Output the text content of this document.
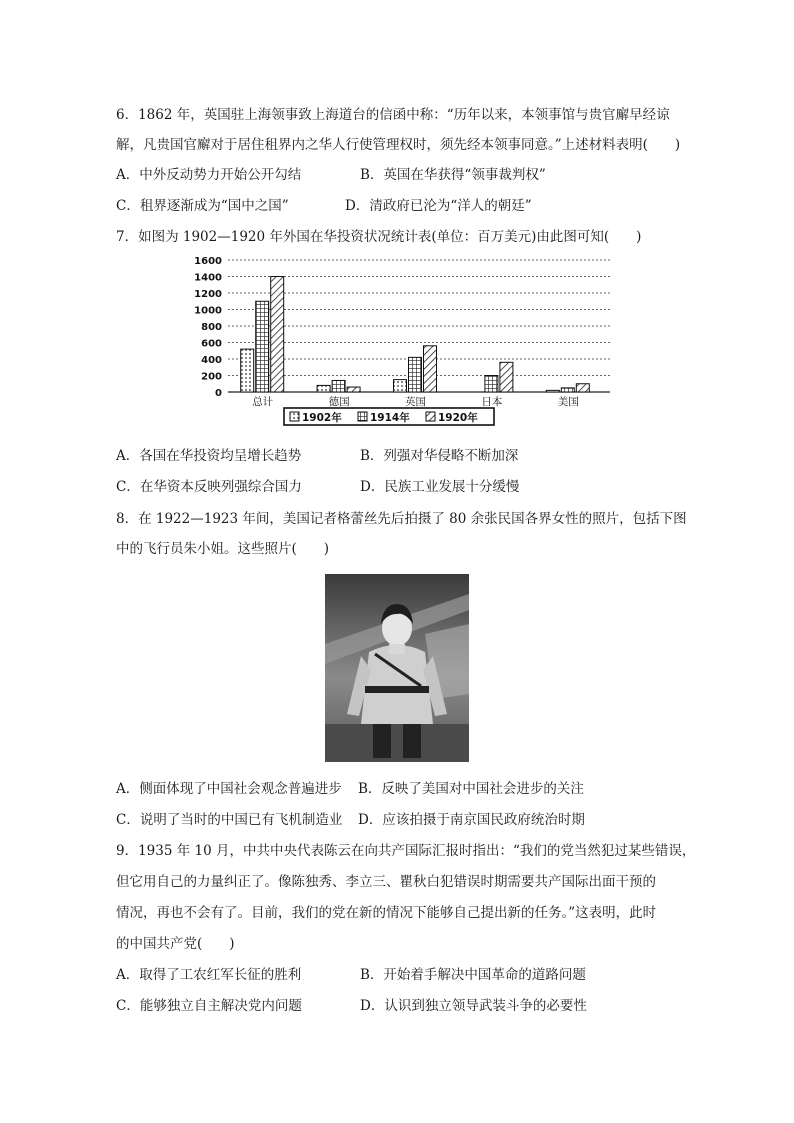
6．1862 年，英国驻上海领事致上海道台的信函中称：“历年以来，本领事馆与贵官廨早经谅
解，凡贵国官廨对于居住租界内之华人行使管理权时，须先经本领事同意。”上述材料表明(　　)
A．中外反动势力开始公开勾结	B．英国在华获得“领事裁判权”
C．租界逐渐成为“国中之国”	D．清政府已沦为“洋人的朝廷”
7．如图为 1902—1920 年外国在华投资状况统计表(单位：百万美元)由此图可知(　　)
1600
1400
1200
1000
800
600
400
200
0
总计	德国	英国	日本	美国
1902年	1914年	1920年
A．各国在华投资均呈增长趋势	B．列强对华侵略不断加深
C．在华资本反映列强综合国力	D．民族工业发展十分缓慢
8．在 1922—1923 年间，美国记者格蕾丝先后拍摄了 80 余张民国各界女性的照片，包括下图
中的飞行员朱小姐。这些照片(　　)
A．侧面体现了中国社会观念普遍进步 B．反映了美国对中国社会进步的关注
C．说明了当时的中国已有飞机制造业 D．应该拍摄于南京国民政府统治时期
9．1935 年 10 月，中共中央代表陈云在向共产国际汇报时指出：“我们的党当然犯过某些错误，
但它用自己的力量纠正了。像陈独秀、李立三、瞿秋白犯错误时期需要共产国际出面干预的
情况，再也不会有了。目前，我们的党在新的情况下能够自己提出新的任务。”这表明，此时
的中国共产党(　　)
A．取得了工农红军长征的胜利	B．开始着手解决中国革命的道路问题
C．能够独立自主解决党内问题	D．认识到独立领导武装斗争的必要性
